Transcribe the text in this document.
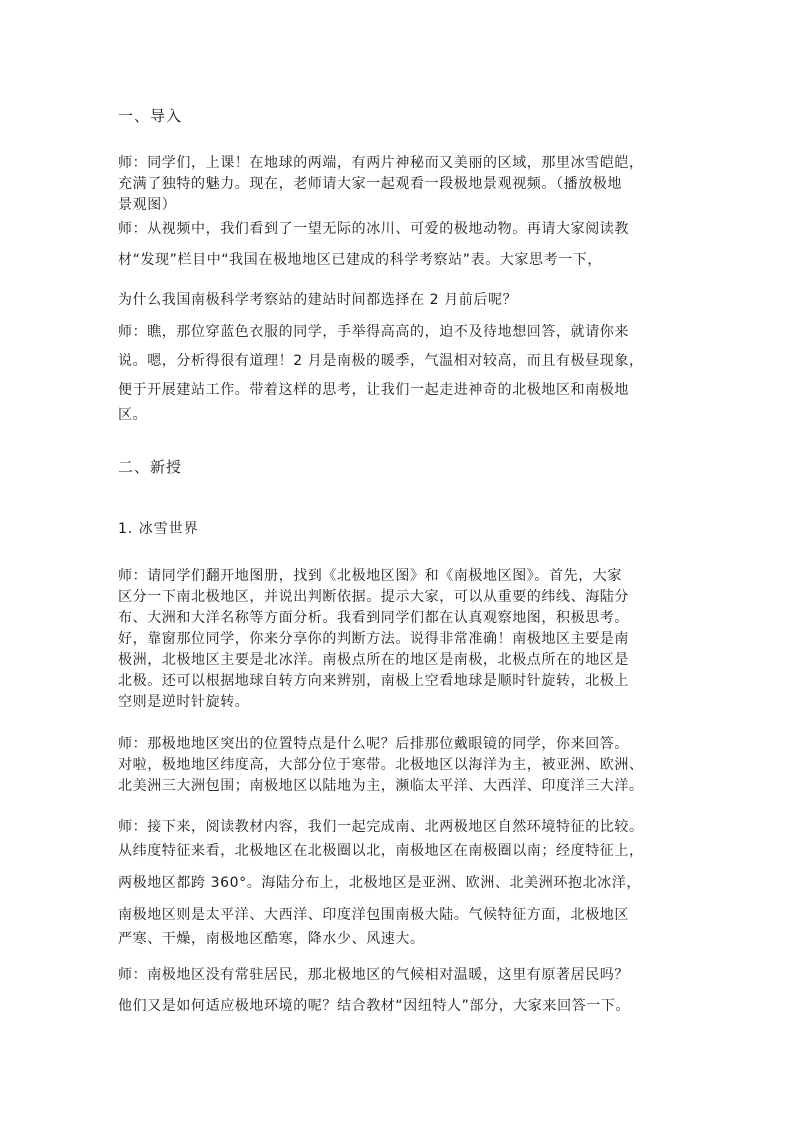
一、导入
师：同学们，上课！在地球的两端，有两片神秘而又美丽的区域，那里冰雪皑皑，
充满了独特的魅力。现在，老师请大家一起观看一段极地景观视频。（播放极地
景观图）
师：从视频中，我们看到了一望无际的冰川、可爱的极地动物。再请大家阅读教
材“发现”栏目中“我国在极地地区已建成的科学考察站”表。大家思考一下，
为什么我国南极科学考察站的建站时间都选择在 2 月前后呢？
师：瞧，那位穿蓝色衣服的同学，手举得高高的，迫不及待地想回答，就请你来
说。嗯，分析得很有道理！2 月是南极的暖季，气温相对较高，而且有极昼现象，
便于开展建站工作。带着这样的思考，让我们一起走进神奇的北极地区和南极地
区。
二、新授
1. 冰雪世界
师：请同学们翻开地图册，找到《北极地区图》和《南极地区图》。首先，大家
区分一下南北极地区，并说出判断依据。提示大家，可以从重要的纬线、海陆分
布、大洲和大洋名称等方面分析。我看到同学们都在认真观察地图，积极思考。
好，靠窗那位同学，你来分享你的判断方法。说得非常准确！南极地区主要是南
极洲，北极地区主要是北冰洋。南极点所在的地区是南极，北极点所在的地区是
北极。还可以根据地球自转方向来辨别，南极上空看地球是顺时针旋转，北极上
空则是逆时针旋转。
师：那极地地区突出的位置特点是什么呢？后排那位戴眼镜的同学，你来回答。
对啦，极地地区纬度高，大部分位于寒带。北极地区以海洋为主，被亚洲、欧洲、
北美洲三大洲包围；南极地区以陆地为主，濒临太平洋、大西洋、印度洋三大洋。
师：接下来，阅读教材内容，我们一起完成南、北两极地区自然环境特征的比较。
从纬度特征来看，北极地区在北极圈以北，南极地区在南极圈以南；经度特征上，
两极地区都跨 360°。海陆分布上，北极地区是亚洲、欧洲、北美洲环抱北冰洋，
南极地区则是太平洋、大西洋、印度洋包围南极大陆。气候特征方面，北极地区
严寒、干燥，南极地区酷寒，降水少、风速大。
师：南极地区没有常驻居民，那北极地区的气候相对温暖，这里有原著居民吗？
他们又是如何适应极地环境的呢？结合教材“因纽特人”部分，大家来回答一下。
